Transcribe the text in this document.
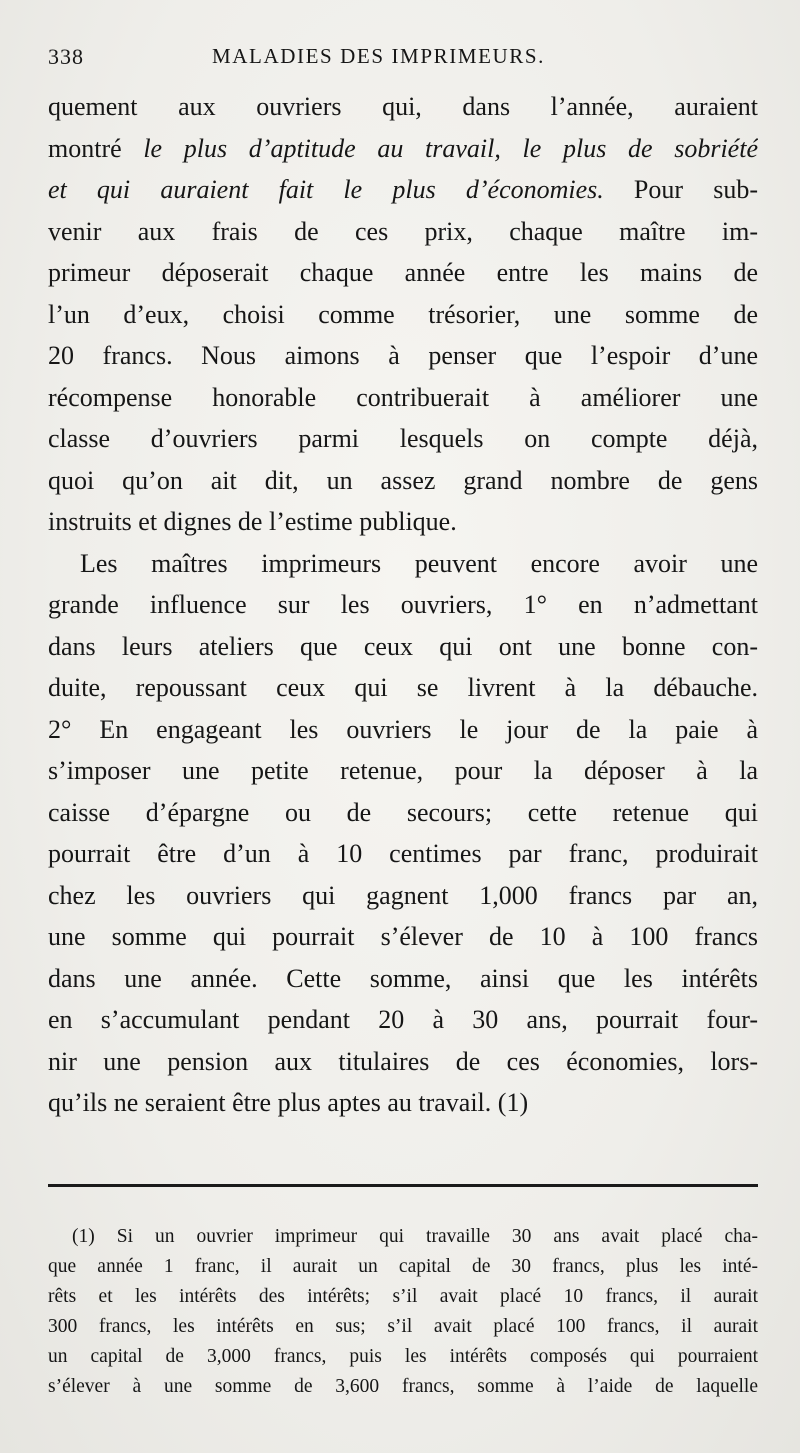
338	MALADIES DES IMPRIMEURS.
quement aux ouvriers qui, dans l’année, auraient
montré le plus d’aptitude au travail, le plus de sobriété
et qui auraient fait le plus d’économies. Pour sub-
venir aux frais de ces prix, chaque maître im-
primeur déposerait chaque année entre les mains de
l’un d’eux, choisi comme trésorier, une somme de
20 francs. Nous aimons à penser que l’espoir d’une
récompense honorable contribuerait à améliorer une
classe d’ouvriers parmi lesquels on compte déjà,
quoi qu’on ait dit, un assez grand nombre de gens
instruits et dignes de l’estime publique.
Les maîtres imprimeurs peuvent encore avoir une
grande influence sur les ouvriers, 1° en n’admettant
dans leurs ateliers que ceux qui ont une bonne con-
duite, repoussant ceux qui se livrent à la débauche.
2° En engageant les ouvriers le jour de la paie à
s’imposer une petite retenue, pour la déposer à la
caisse d’épargne ou de secours; cette retenue qui
pourrait être d’un à 10 centimes par franc, produirait
chez les ouvriers qui gagnent 1,000 francs par an,
une somme qui pourrait s’élever de 10 à 100 francs
dans une année. Cette somme, ainsi que les intérêts
en s’accumulant pendant 20 à 30 ans, pourrait four-
nir une pension aux titulaires de ces économies, lors-
qu’ils ne seraient être plus aptes au travail. (1)
(1) Si un ouvrier imprimeur qui travaille 30 ans avait placé cha-
que année 1 franc, il aurait un capital de 30 francs, plus les inté-
rêts et les intérêts des intérêts; s’il avait placé 10 francs, il aurait
300 francs, les intérêts en sus; s’il avait placé 100 francs, il aurait
un capital de 3,000 francs, puis les intérêts composés qui pourraient
s’élever à une somme de 3,600 francs, somme à l’aide de laquelle
